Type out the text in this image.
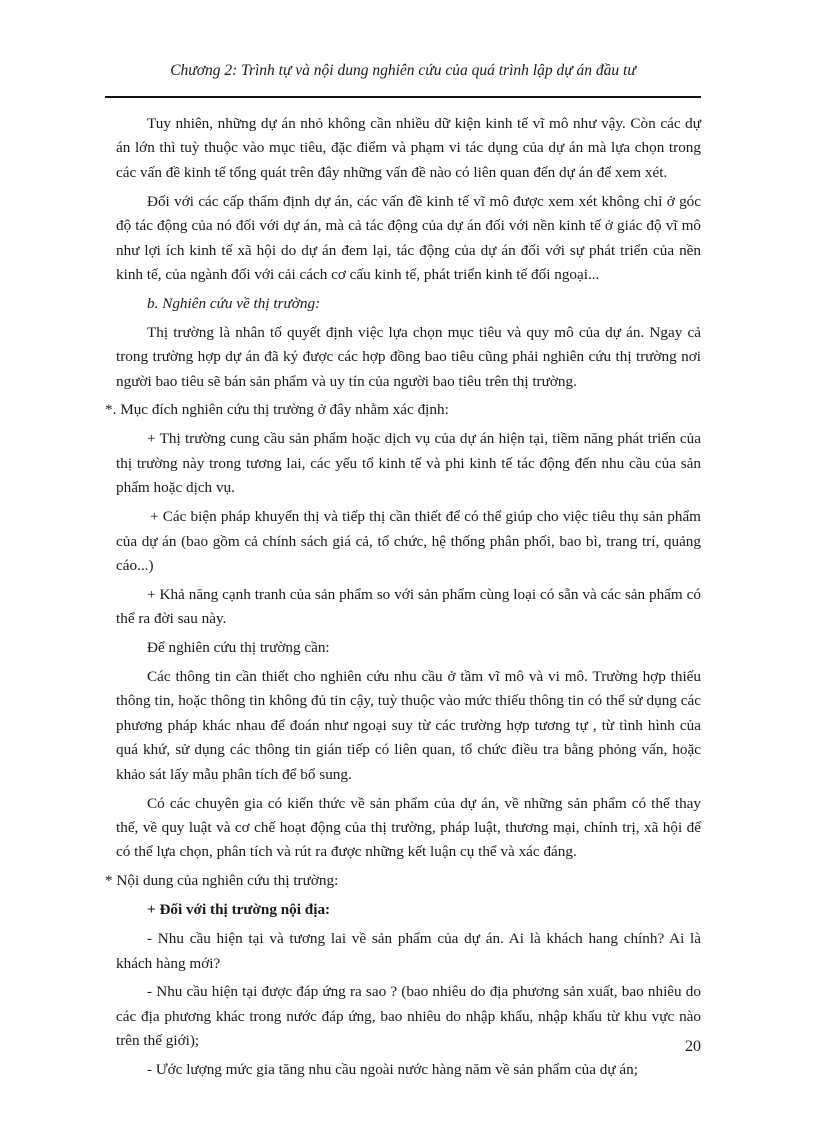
Chương 2: Trình tự và nội dung nghiên cứu của quá trình lập dự án đầu tư

Tuy nhiên, những dự án nhỏ không cần nhiều dữ kiện kinh tế vĩ mô như vậy. Còn các dự án lớn thì tuỳ thuộc vào mục tiêu, đặc điểm và phạm vi tác dụng của dự án mà lựa chọn trong các vấn đề kinh tế tổng quát trên đây những vấn đề nào có liên quan đến dự án để xem xét.

Đối với các cấp thẩm định dự án, các vấn đề kinh tế vĩ mô được xem xét không chỉ ở góc độ tác động của nó đối với dự án, mà cả tác động của dự án đối với nền kinh tế ở giác độ vĩ mô như lợi ích kinh tế xã hội do dự án đem lại, tác động của dự án đối với sự phát triển của nền kinh tế, của ngành đối với cải cách cơ cấu kinh tế, phát triển kinh tế đối ngoại...

b. Nghiên cứu về thị trường:

Thị trường là nhân tố quyết định việc lựa chọn mục tiêu và quy mô của dự án. Ngay cả trong trường hợp dự án đã ký được các hợp đồng bao tiêu cũng phải nghiên cứu thị trường nơi người bao tiêu sẽ bán sản phẩm và uy tín của người bao tiêu trên thị trường.

*. Mục đích nghiên cứu thị trường ở đây nhằm xác định:

+ Thị trường cung cầu sản phẩm hoặc dịch vụ của dự án hiện tại, tiềm năng phát triển của thị trường này trong tương lai, các yếu tố kinh tế và phi kinh tế tác động đến nhu cầu của sản phẩm hoặc dịch vụ.

+ Các biện pháp khuyến thị và tiếp thị cần thiết để có thể giúp cho việc tiêu thụ sản phẩm của dự án (bao gồm cả chính sách giá cả, tổ chức, hệ thống phân phối, bao bì, trang trí, quảng cáo...)

+ Khả năng cạnh tranh của sản phẩm so với sản phẩm cùng loại có sẵn và các sản phẩm có thể ra đời sau này.

Để nghiên cứu thị trường cần:

Các thông tin cần thiết cho nghiên cứu nhu cầu ở tầm vĩ mô và vi mô. Trường hợp thiếu thông tin, hoặc thông tin không đủ tin cậy, tuỳ thuộc vào mức thiếu thông tin có thể sử dụng các phương pháp khác nhau để đoán như ngoại suy từ các trường hợp tương tự , từ tình hình của quá khứ, sử dụng các thông tin gián tiếp có liên quan, tổ chức điều tra bằng phỏng vấn, hoặc khảo sát lấy mẫu phân tích để bổ sung.

Có các chuyên gia có kiến thức về sản phẩm của dự án, về những sản phẩm có thể thay thế, về quy luật và cơ chế hoạt động của thị trường, pháp luật, thương mại, chính trị, xã hội để có thể lựa chọn, phân tích và rút ra được những kết luận cụ thể và xác đáng.

* Nội dung của nghiên cứu thị trường:

+ Đối với thị trường nội địa:

- Nhu cầu hiện tại và tương lai về sản phẩm của dự án. Ai là khách hang chính? Ai là khách hàng mới?

- Nhu cầu hiện tại được đáp ứng ra sao ? (bao nhiêu do địa phương sản xuất, bao nhiêu do các địa phương khác trong nước đáp ứng, bao nhiêu do nhập khẩu, nhập khẩu từ khu vực nào trên thế giới);

- Ước lượng mức gia tăng nhu cầu ngoài nước hàng năm về sản phẩm của dự án;

20
